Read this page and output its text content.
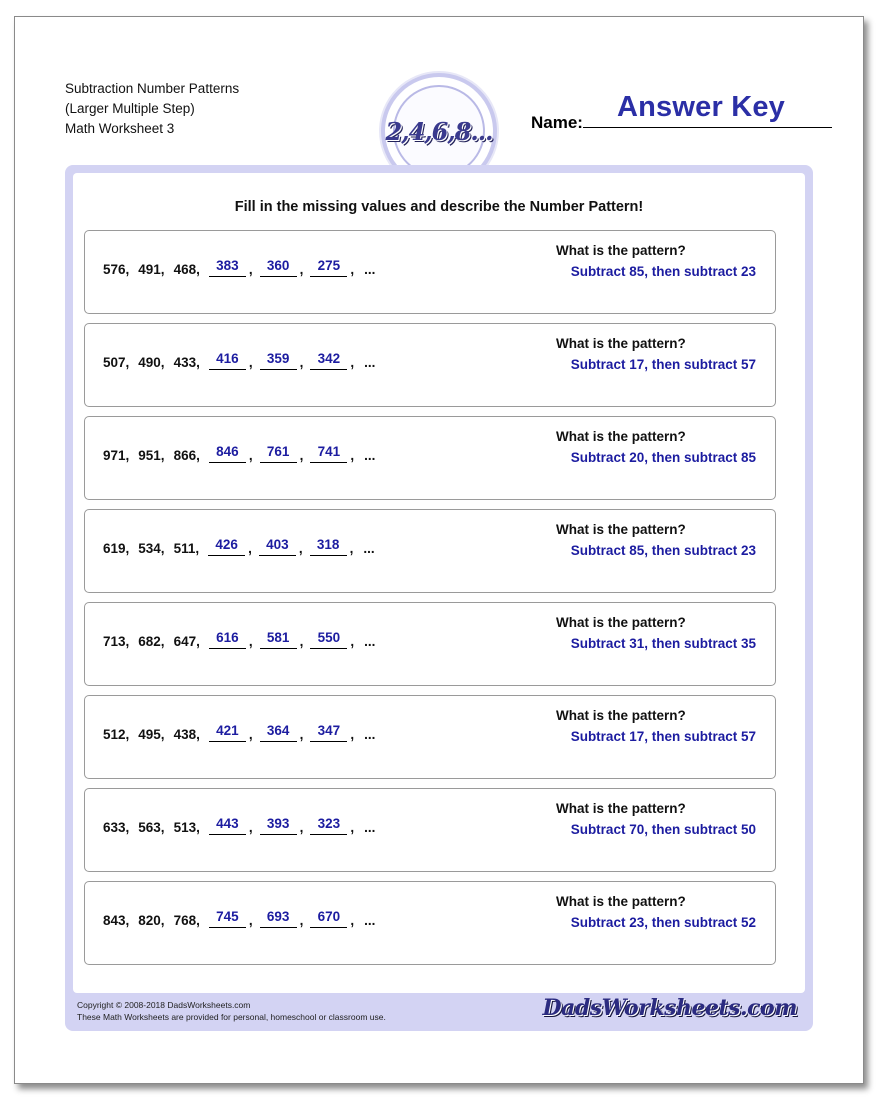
Subtraction Number Patterns
(Larger Multiple Step)
Math Worksheet 3	2,4,6,8... Name: Answer Key
Fill in the missing values and describe the Number Pattern!
576, 491, 468,	383 ,	360 ,	275 , ...
What is the pattern?
Subtract 85, then subtract 23
507, 490, 433,	416 ,	359 ,	342 , ...
What is the pattern?
Subtract 17, then subtract 57
971, 951, 866,	846 ,	761 ,	741 , ...
What is the pattern?
Subtract 20, then subtract 85
619, 534, 511,	426 ,	403 ,	318 , ...
What is the pattern?
Subtract 85, then subtract 23
713, 682, 647,	616 ,	581 ,	550 , ...
What is the pattern?
Subtract 31, then subtract 35
512, 495, 438,	421 ,	364 ,	347 , ...
What is the pattern?
Subtract 17, then subtract 57
633, 563, 513,	443 ,	393 ,	323 , ...
What is the pattern?
Subtract 70, then subtract 50
843, 820, 768,	745 ,	693 ,	670 , ...
What is the pattern?
Subtract 23, then subtract 52
Copyright © 2008-2018 DadsWorksheets.com
These Math Worksheets are provided for personal, homeschool or classroom use.	DadsWorksheets.com
